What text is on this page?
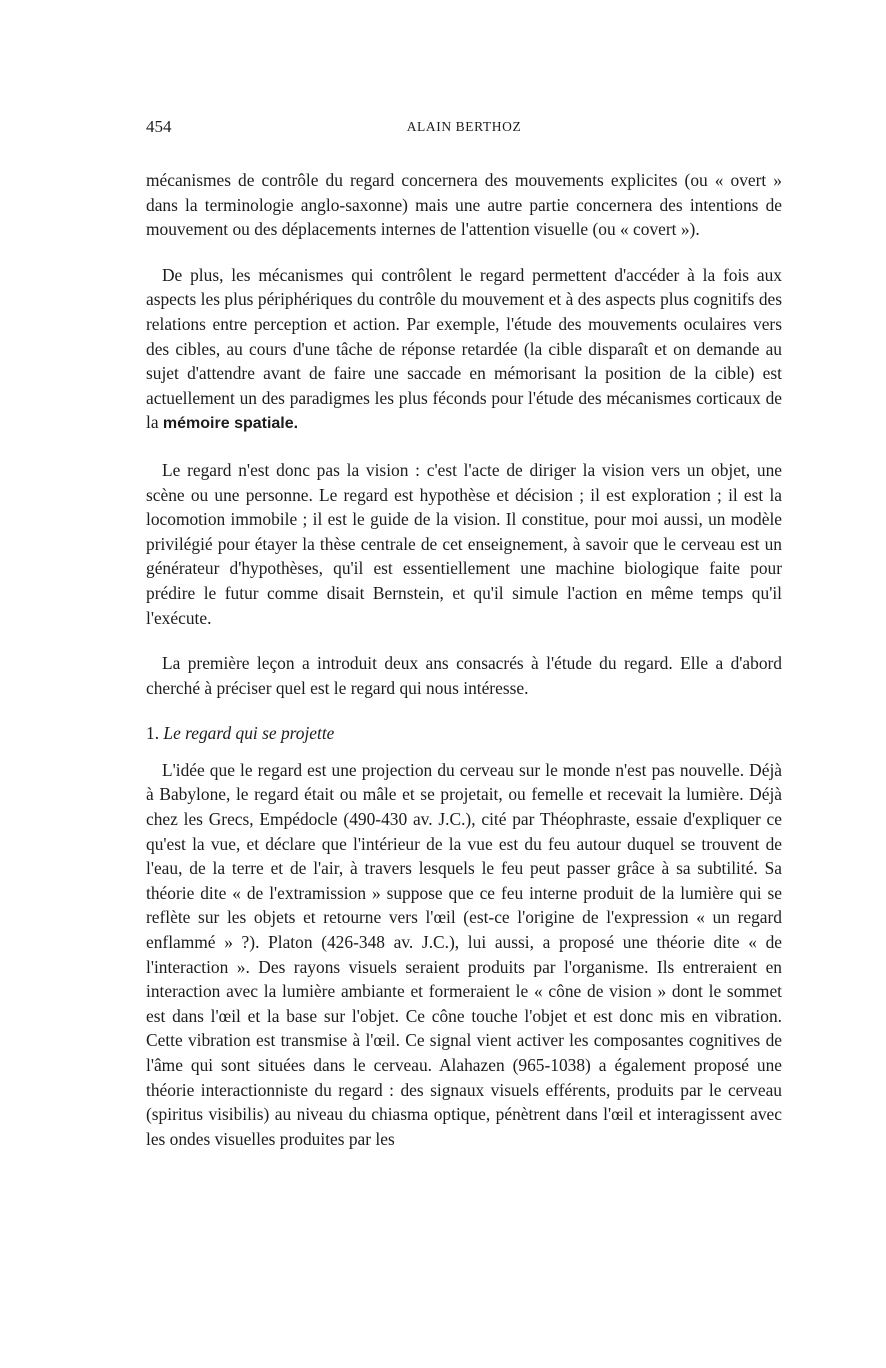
454	ALAIN BERTHOZ

mécanismes de contrôle du regard concernera des mouvements explicites (ou « overt » dans la terminologie anglo-saxonne) mais une autre partie concernera des intentions de mouvement ou des déplacements internes de l'attention visuelle (ou « covert »).

De plus, les mécanismes qui contrôlent le regard permettent d'accéder à la fois aux aspects les plus périphériques du contrôle du mouvement et à des aspects plus cognitifs des relations entre perception et action. Par exemple, l'étude des mouvements oculaires vers des cibles, au cours d'une tâche de réponse retardée (la cible disparaît et on demande au sujet d'attendre avant de faire une saccade en mémorisant la position de la cible) est actuellement un des paradigmes les plus féconds pour l'étude des mécanismes corticaux de la mémoire spatiale.

Le regard n'est donc pas la vision : c'est l'acte de diriger la vision vers un objet, une scène ou une personne. Le regard est hypothèse et décision ; il est exploration ; il est la locomotion immobile ; il est le guide de la vision. Il constitue, pour moi aussi, un modèle privilégié pour étayer la thèse centrale de cet enseignement, à savoir que le cerveau est un générateur d'hypothèses, qu'il est essentiellement une machine biologique faite pour prédire le futur comme disait Bernstein, et qu'il simule l'action en même temps qu'il l'exécute.

La première leçon a introduit deux ans consacrés à l'étude du regard. Elle a d'abord cherché à préciser quel est le regard qui nous intéresse.

1. Le regard qui se projette

L'idée que le regard est une projection du cerveau sur le monde n'est pas nouvelle. Déjà à Babylone, le regard était ou mâle et se projetait, ou femelle et recevait la lumière. Déjà chez les Grecs, Empédocle (490-430 av. J.C.), cité par Théophraste, essaie d'expliquer ce qu'est la vue, et déclare que l'intérieur de la vue est du feu autour duquel se trouvent de l'eau, de la terre et de l'air, à travers lesquels le feu peut passer grâce à sa subtilité. Sa théorie dite « de l'extramission » suppose que ce feu interne produit de la lumière qui se reflète sur les objets et retourne vers l'œil (est-ce l'origine de l'expression « un regard enflammé » ?). Platon (426-348 av. J.C.), lui aussi, a proposé une théorie dite « de l'interaction ». Des rayons visuels seraient produits par l'organisme. Ils entreraient en interaction avec la lumière ambiante et formeraient le « cône de vision » dont le sommet est dans l'œil et la base sur l'objet. Ce cône touche l'objet et est donc mis en vibration. Cette vibration est transmise à l'œil. Ce signal vient activer les composantes cognitives de l'âme qui sont situées dans le cerveau. Alahazen (965-1038) a également proposé une théorie interactionniste du regard : des signaux visuels efférents, produits par le cerveau (spiritus visibilis) au niveau du chiasma optique, pénètrent dans l'œil et interagissent avec les ondes visuelles produites par les
